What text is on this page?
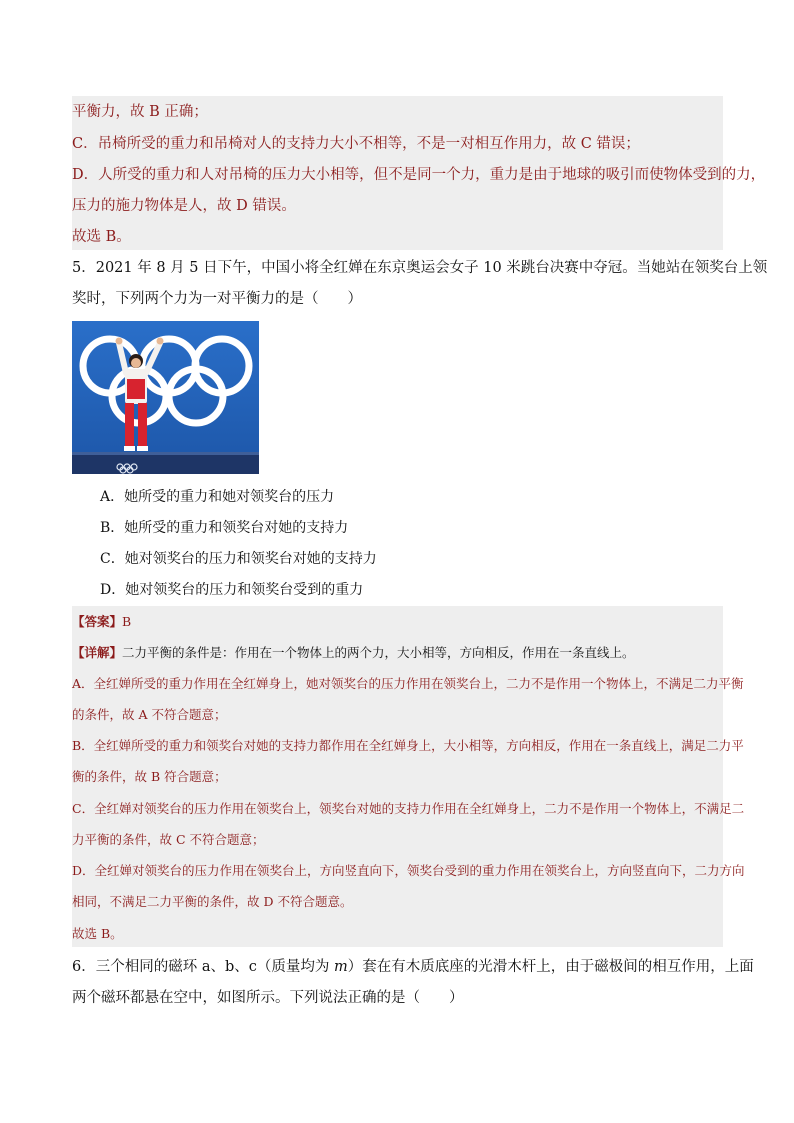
平衡力，故 B 正确；
C．吊椅所受的重力和吊椅对人的支持力大小不相等，不是一对相互作用力，故 C 错误；
D．人所受的重力和人对吊椅的压力大小相等，但不是同一个力，重力是由于地球的吸引而使物体受到的力，
压力的施力物体是人，故 D 错误。
故选 B。
5．2021 年 8 月 5 日下午，中国小将全红婵在东京奥运会女子 10 米跳台决赛中夺冠。当她站在领奖台上领
奖时，下列两个力为一对平衡力的是（　　）
A．她所受的重力和她对领奖台的压力
B．她所受的重力和领奖台对她的支持力
C．她对领奖台的压力和领奖台对她的支持力
D．她对领奖台的压力和领奖台受到的重力
【答案】B
【详解】二力平衡的条件是：作用在一个物体上的两个力，大小相等，方向相反，作用在一条直线上。
A．全红婵所受的重力作用在全红婵身上，她对领奖台的压力作用在领奖台上，二力不是作用一个物体上，不满足二力平衡
的条件，故 A 不符合题意；
B．全红婵所受的重力和领奖台对她的支持力都作用在全红婵身上，大小相等，方向相反，作用在一条直线上，满足二力平
衡的条件，故 B 符合题意；
C．全红婵对领奖台的压力作用在领奖台上，领奖台对她的支持力作用在全红婵身上，二力不是作用一个物体上，不满足二
力平衡的条件，故 C 不符合题意；
D．全红婵对领奖台的压力作用在领奖台上，方向竖直向下，领奖台受到的重力作用在领奖台上，方向竖直向下，二力方向
相同，不满足二力平衡的条件，故 D 不符合题意。
故选 B。
6．三个相同的磁环 a、b、c（质量均为 m）套在有木质底座的光滑木杆上，由于磁极间的相互作用，上面
两个磁环都悬在空中，如图所示。下列说法正确的是（　　）
